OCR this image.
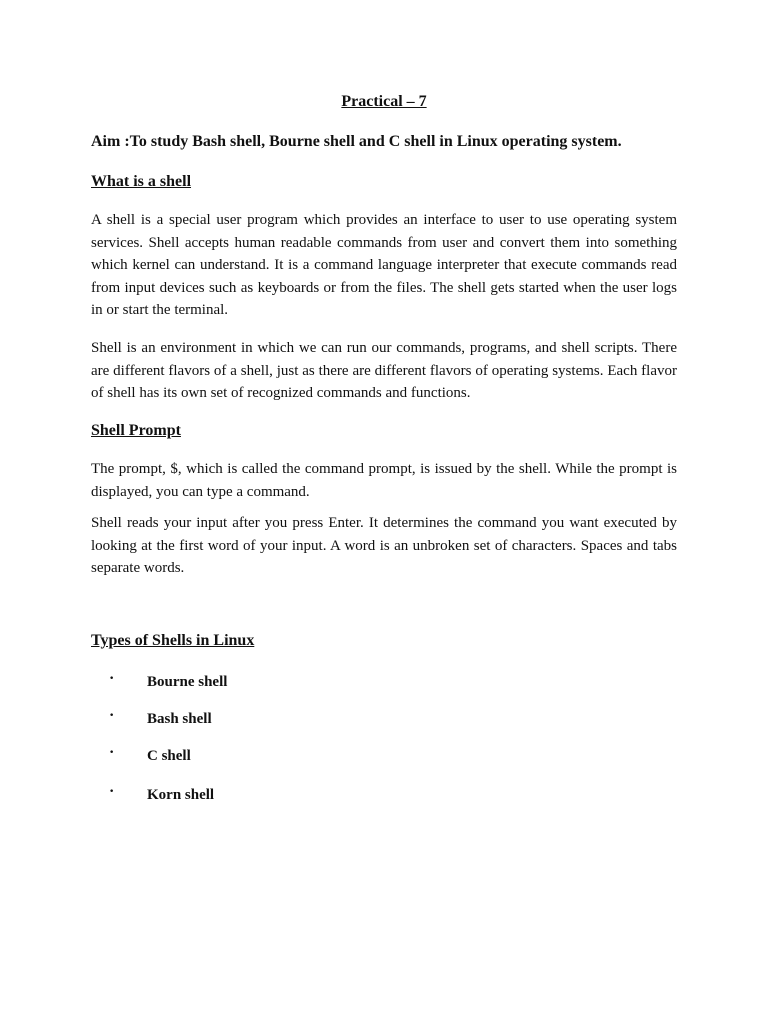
Practical – 7
Aim :To study Bash shell, Bourne shell and C shell in Linux operating system.
What is a shell

A shell is a special user program which provides an interface to user to use operating system services. Shell accepts human readable commands from user and convert them into something which kernel can understand. It is a command language interpreter that execute commands read from input devices such as keyboards or from the files. The shell gets started when the user logs in or start the terminal.

Shell is an environment in which we can run our commands, programs, and shell scripts. There are different flavors of a shell, just as there are different flavors of operating systems. Each flavor of shell has its own set of recognized commands and functions.

Shell Prompt

The prompt, $, which is called the command prompt, is issued by the shell. While the prompt is displayed, you can type a command.

Shell reads your input after you press Enter. It determines the command you want executed by looking at the first word of your input. A word is an unbroken set of characters. Spaces and tabs separate words.

Types of Shells in Linux
· Bourne shell
· Bash shell
· C shell
· Korn shell
